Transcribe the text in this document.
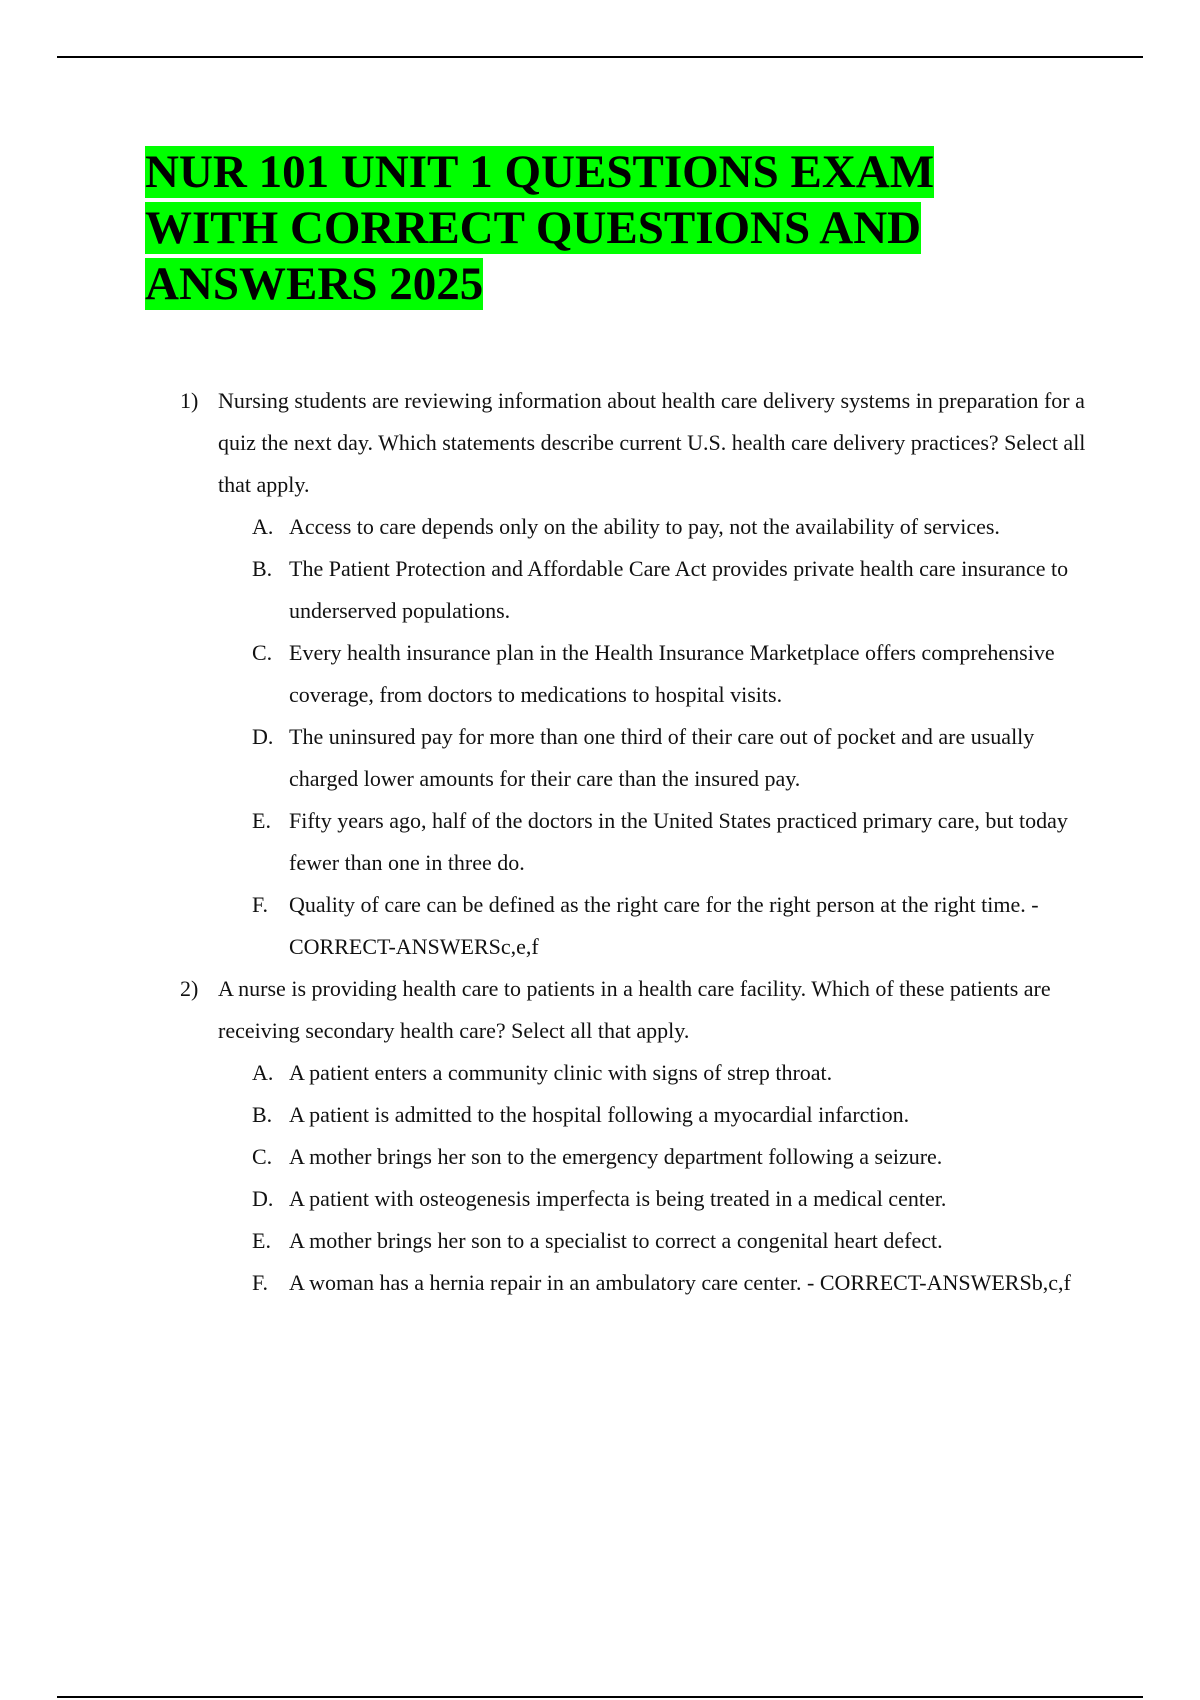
NUR 101 UNIT 1 QUESTIONS EXAM
WITH CORRECT QUESTIONS AND
ANSWERS 2025
1) Nursing students are reviewing information about health care delivery systems in preparation for a quiz the next day. Which statements describe current U.S. health care delivery practices? Select all that apply.
A. Access to care depends only on the ability to pay, not the availability of services.
B. The Patient Protection and Affordable Care Act provides private health care insurance to underserved populations.
C. Every health insurance plan in the Health Insurance Marketplace offers comprehensive coverage, from doctors to medications to hospital visits.
D. The uninsured pay for more than one third of their care out of pocket and are usually charged lower amounts for their care than the insured pay.
E. Fifty years ago, half of the doctors in the United States practiced primary care, but today fewer than one in three do.
F. Quality of care can be defined as the right care for the right person at the right time. - CORRECT-ANSWERSc,e,f
2) A nurse is providing health care to patients in a health care facility. Which of these patients are receiving secondary health care? Select all that apply.
A. A patient enters a community clinic with signs of strep throat.
B. A patient is admitted to the hospital following a myocardial infarction.
C. A mother brings her son to the emergency department following a seizure.
D. A patient with osteogenesis imperfecta is being treated in a medical center.
E. A mother brings her son to a specialist to correct a congenital heart defect.
F. A woman has a hernia repair in an ambulatory care center. - CORRECT-ANSWERSb,c,f
